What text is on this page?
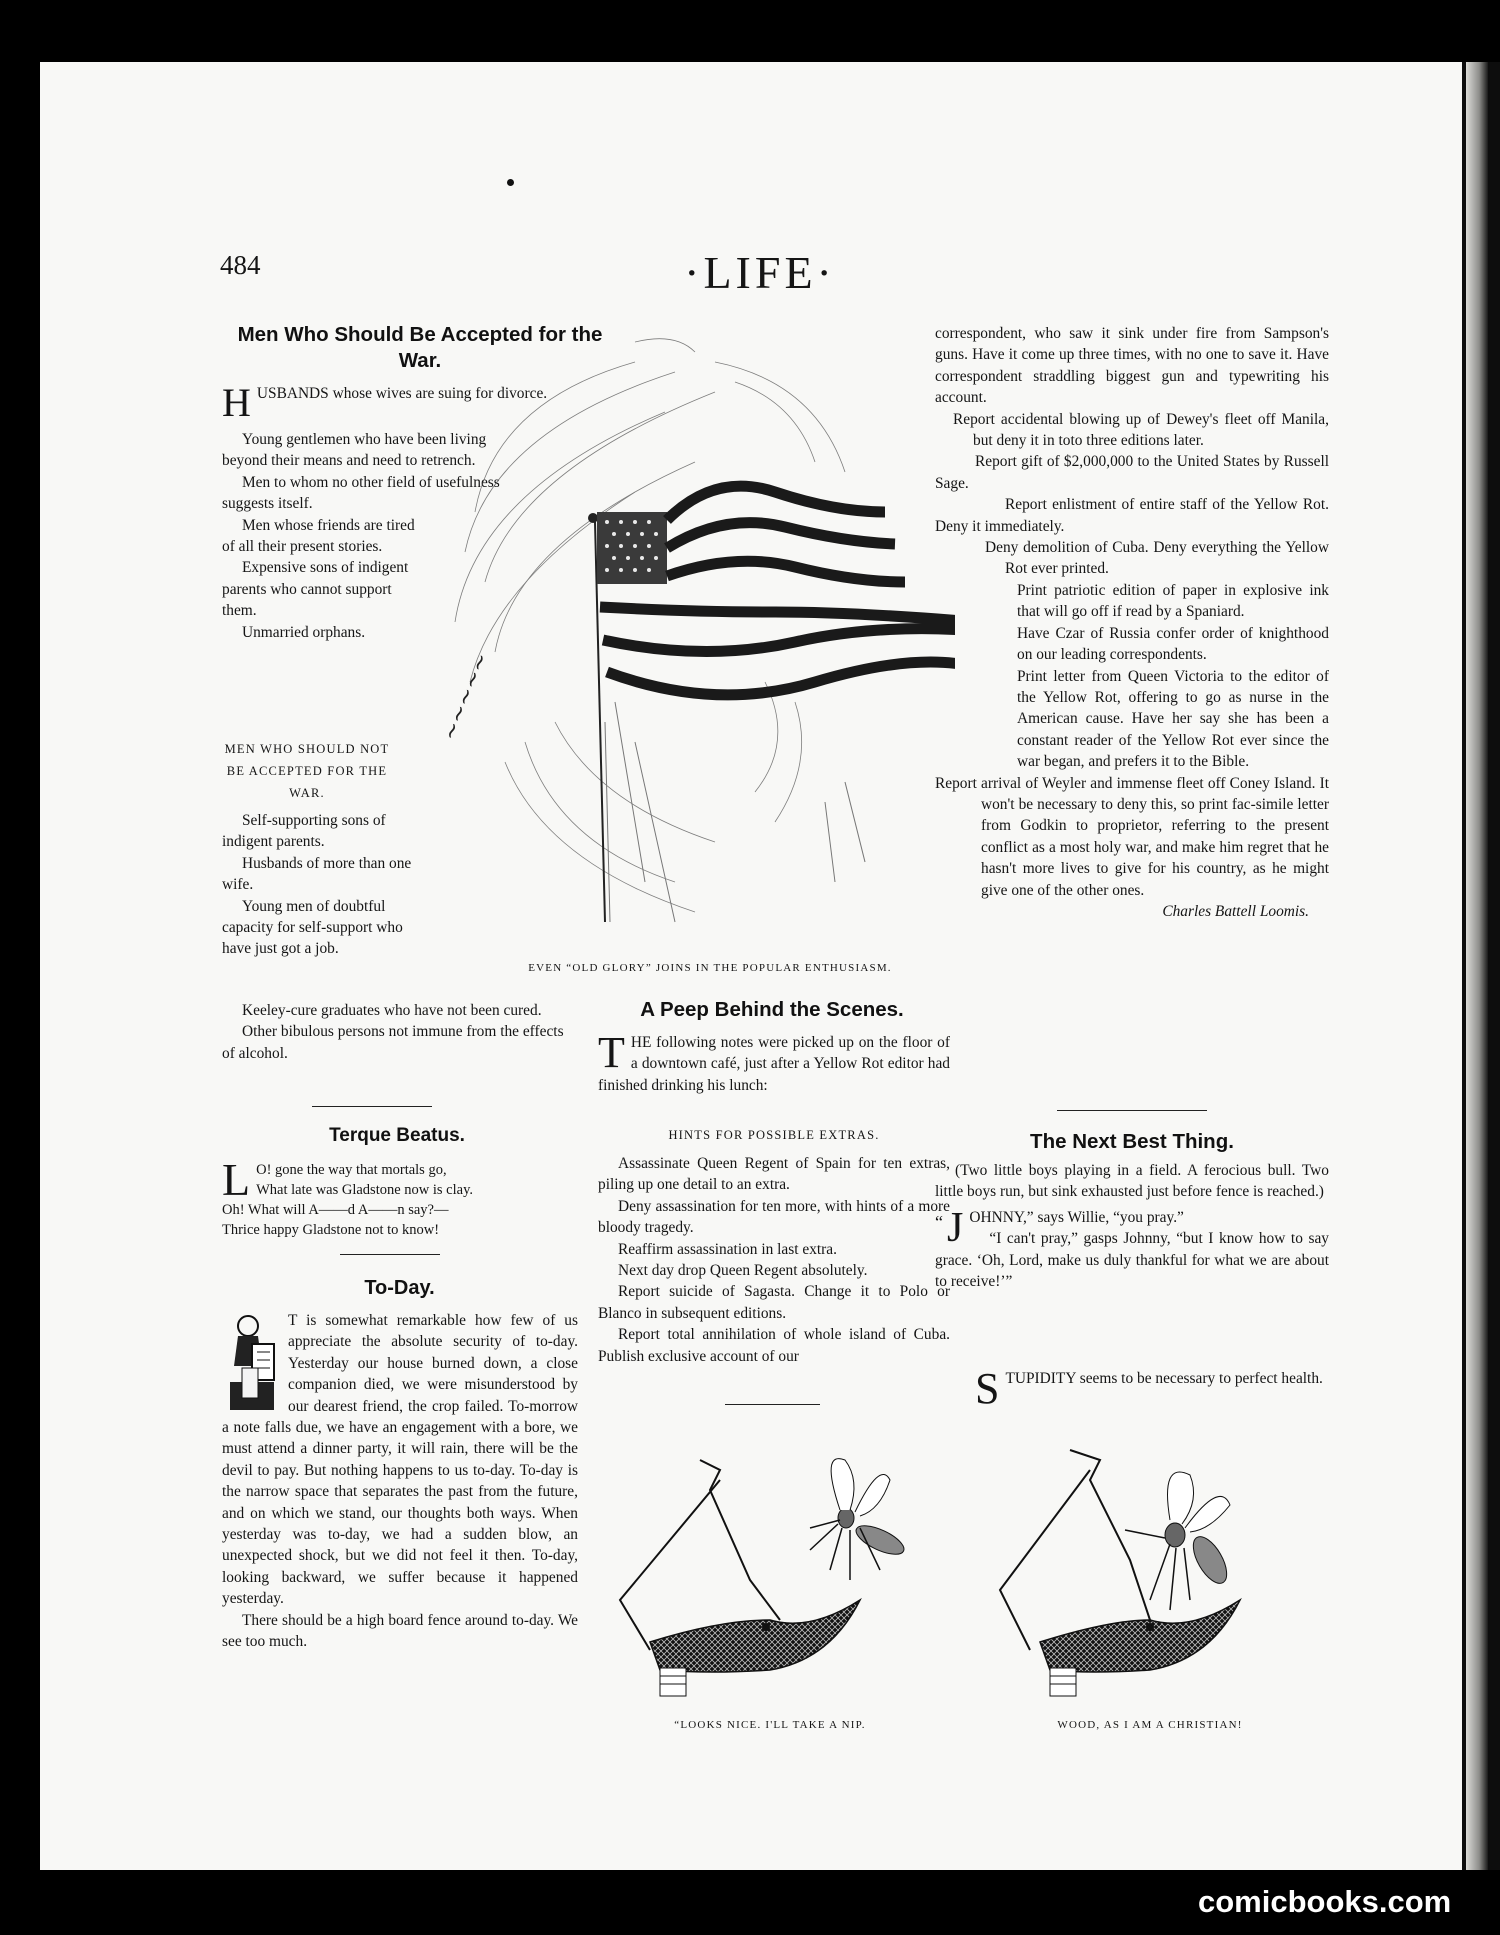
484	·LIFE·
Men Who Should Be Accepted for the War.
H USBANDS whose wives are suing for divorce.

Young gentlemen who have been living beyond their means and need to retrench.

Men to whom no other field of usefulness suggests itself.

Men whose friends are tired of all their present stories.

Expensive sons of indigent parents who cannot support them.

Unmarried orphans.

MEN WHO SHOULD NOT BE ACCEPTED FOR THE WAR.

Self-supporting sons of indigent parents.

Husbands of more than one wife.

Young men of doubtful capacity for self-support who have just got a job.

Keeley-cure graduates who have not been cured.

Other bibulous persons not immune from the effects of alcohol.

Terque Beatus.
L O! gone the way that mortals go,

What late was Gladstone now is clay.

Oh! What will A——d A——n say?—

Thrice happy Gladstone not to know!

To-Day.

T is somewhat remarkable how few of us appreciate the absolute security of to-day. Yesterday our house burned down, a close companion died, we were misunderstood by our dearest friend, the crop failed. To-morrow a note falls due, we have an engagement with a bore, we must attend a dinner party, it will rain, there will be the devil to pay. But nothing happens to us to-day. To-day is the narrow space that separates the past from the future, and on which we stand, our thoughts both ways. When yesterday was to-day, we had a sudden blow, an unexpected shock, but we did not feel it then. To-day, looking backward, we suffer because it happened yesterday.

There should be a high board fence around to-day. We see too much.

~~~~~
EVEN “OLD GLORY” JOINS IN THE POPULAR ENTHUSIASM.
A Peep Behind the Scenes.
T HE following notes were picked up on the floor of a downtown café, just after a Yellow Rot editor had finished drinking his lunch:
HINTS FOR POSSIBLE EXTRAS.

Assassinate Queen Regent of Spain for ten extras, piling up one detail to an extra.

Deny assassination for ten more, with hints of a more bloody tragedy.

Reaffirm assassination in last extra.

Next day drop Queen Regent absolutely.

Report suicide of Sagasta. Change it to Polo or Blanco in subsequent editions.

Report total annihilation of whole island of Cuba. Publish exclusive account of our

correspondent, who saw it sink under fire from Sampson's guns. Have it come up three times, with no one to save it. Have correspondent straddling biggest gun and typewriting his account.

Report accidental blowing up of Dewey's fleet off Manila, but deny it in toto three editions later.

Report gift of $2,000,000 to the United States by Russell Sage.

Report enlistment of entire staff of the Yellow Rot. Deny it immediately.

Deny demolition of Cuba. Deny everything the Yellow Rot ever printed.

Print patriotic edition of paper in explosive ink that will go off if read by a Spaniard.

Have Czar of Russia confer order of knighthood on our leading correspondents.

Print letter from Queen Victoria to the editor of the Yellow Rot, offering to go as nurse in the American cause. Have her say she has been a constant reader of the Yellow Rot ever since the war began, and prefers it to the Bible.

Report arrival of Weyler and immense fleet off Coney Island. It won't be necessary to deny this, so print fac-simile letter from Godkin to proprietor, referring to the present conflict as a most holy war, and make him regret that he hasn't more lives to give for his country, as he might give one of the other ones.

Charles Battell Loomis.

The Next Best Thing.

(Two little boys playing in a field. A ferocious bull. Two little boys run, but sink exhausted just before fence is reached.)

“ J OHNNY,” says Willie, “you pray.”

“I can't pray,” gasps Johnny, “but I know how to say grace. ‘Oh, Lord, make us duly thankful for what we are about to receive!’”

S TUPIDITY seems to be necessary to perfect health.
“LOOKS NICE. I'LL TAKE A NIP.	WOOD, AS I AM A CHRISTIAN!
comicbooks.com
